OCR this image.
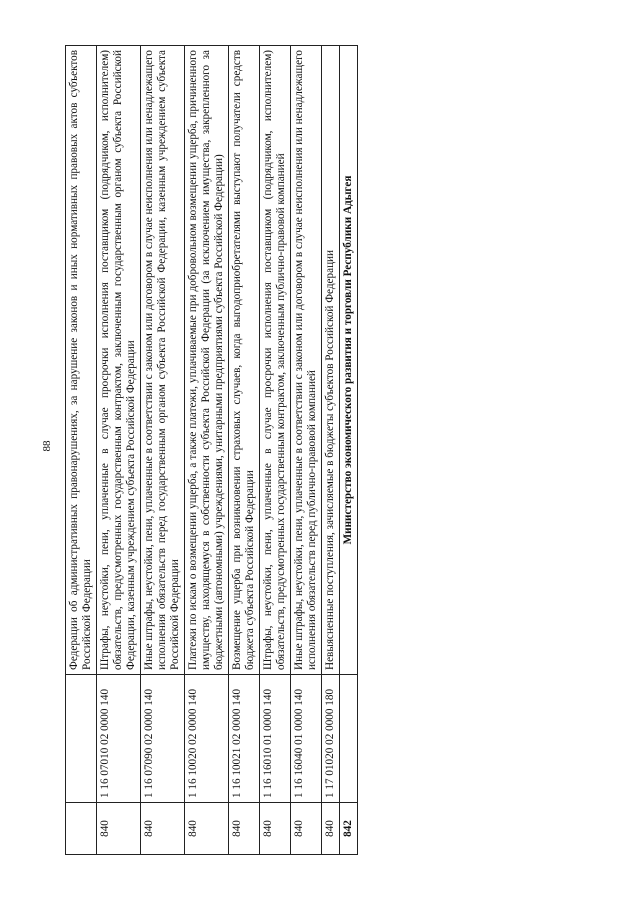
88
		Федерации об административных правонарушениях, за нарушение законов и иных нормативных правовых актов субъектов Российской Федерации
840	1 16 07010 02 0000 140	Штрафы, неустойки, пени, уплаченные в случае просрочки исполнения поставщиком (подрядчиком, исполнителем) обязательств, предусмотренных государственным контрактом, заключенным государственным органом субъекта Российской Федерации, казенным учреждением субъекта Российской Федерации
840	1 16 07090 02 0000 140	Иные штрафы, неустойки, пени, уплаченные в соответствии с законом или договором в случае неисполнения или ненадлежащего исполнения обязательств перед государственным органом субъекта Российской Федерации, казенным учреждением субъекта Российской Федерации
840	1 16 10020 02 0000 140	Платежи по искам о возмещении ущерба, а также платежи, уплачиваемые при добровольном возмещении ущерба, причиненного имуществу, находящемуся в собственности субъекта Российской Федерации (за исключением имущества, закрепленного за бюджетными (автономными) учреждениями, унитарными предприятиями субъекта Российской Федерации)
840	1 16 10021 02 0000 140	Возмещение ущерба при возникновении страховых случаев, когда выгодоприобретателями выступают получатели средств бюджета субъекта Российской Федерации
840	1 16 16010 01 0000 140	Штрафы, неустойки, пени, уплаченные в случае просрочки исполнения поставщиком (подрядчиком, исполнителем) обязательств, предусмотренных государственным контрактом, заключенным публично-правовой компанией
840	1 16 16040 01 0000 140	Иные штрафы, неустойки, пени, уплаченные в соответствии с законом или договором в случае неисполнения или ненадлежащего исполнения обязательств перед публично-правовой компанией
840	1 17 01020 02 0000 180	Невыясненные поступления, зачисляемые в бюджеты субъектов Российской Федерации
842		Министерство экономического развития и торговли Республики Адыгея
